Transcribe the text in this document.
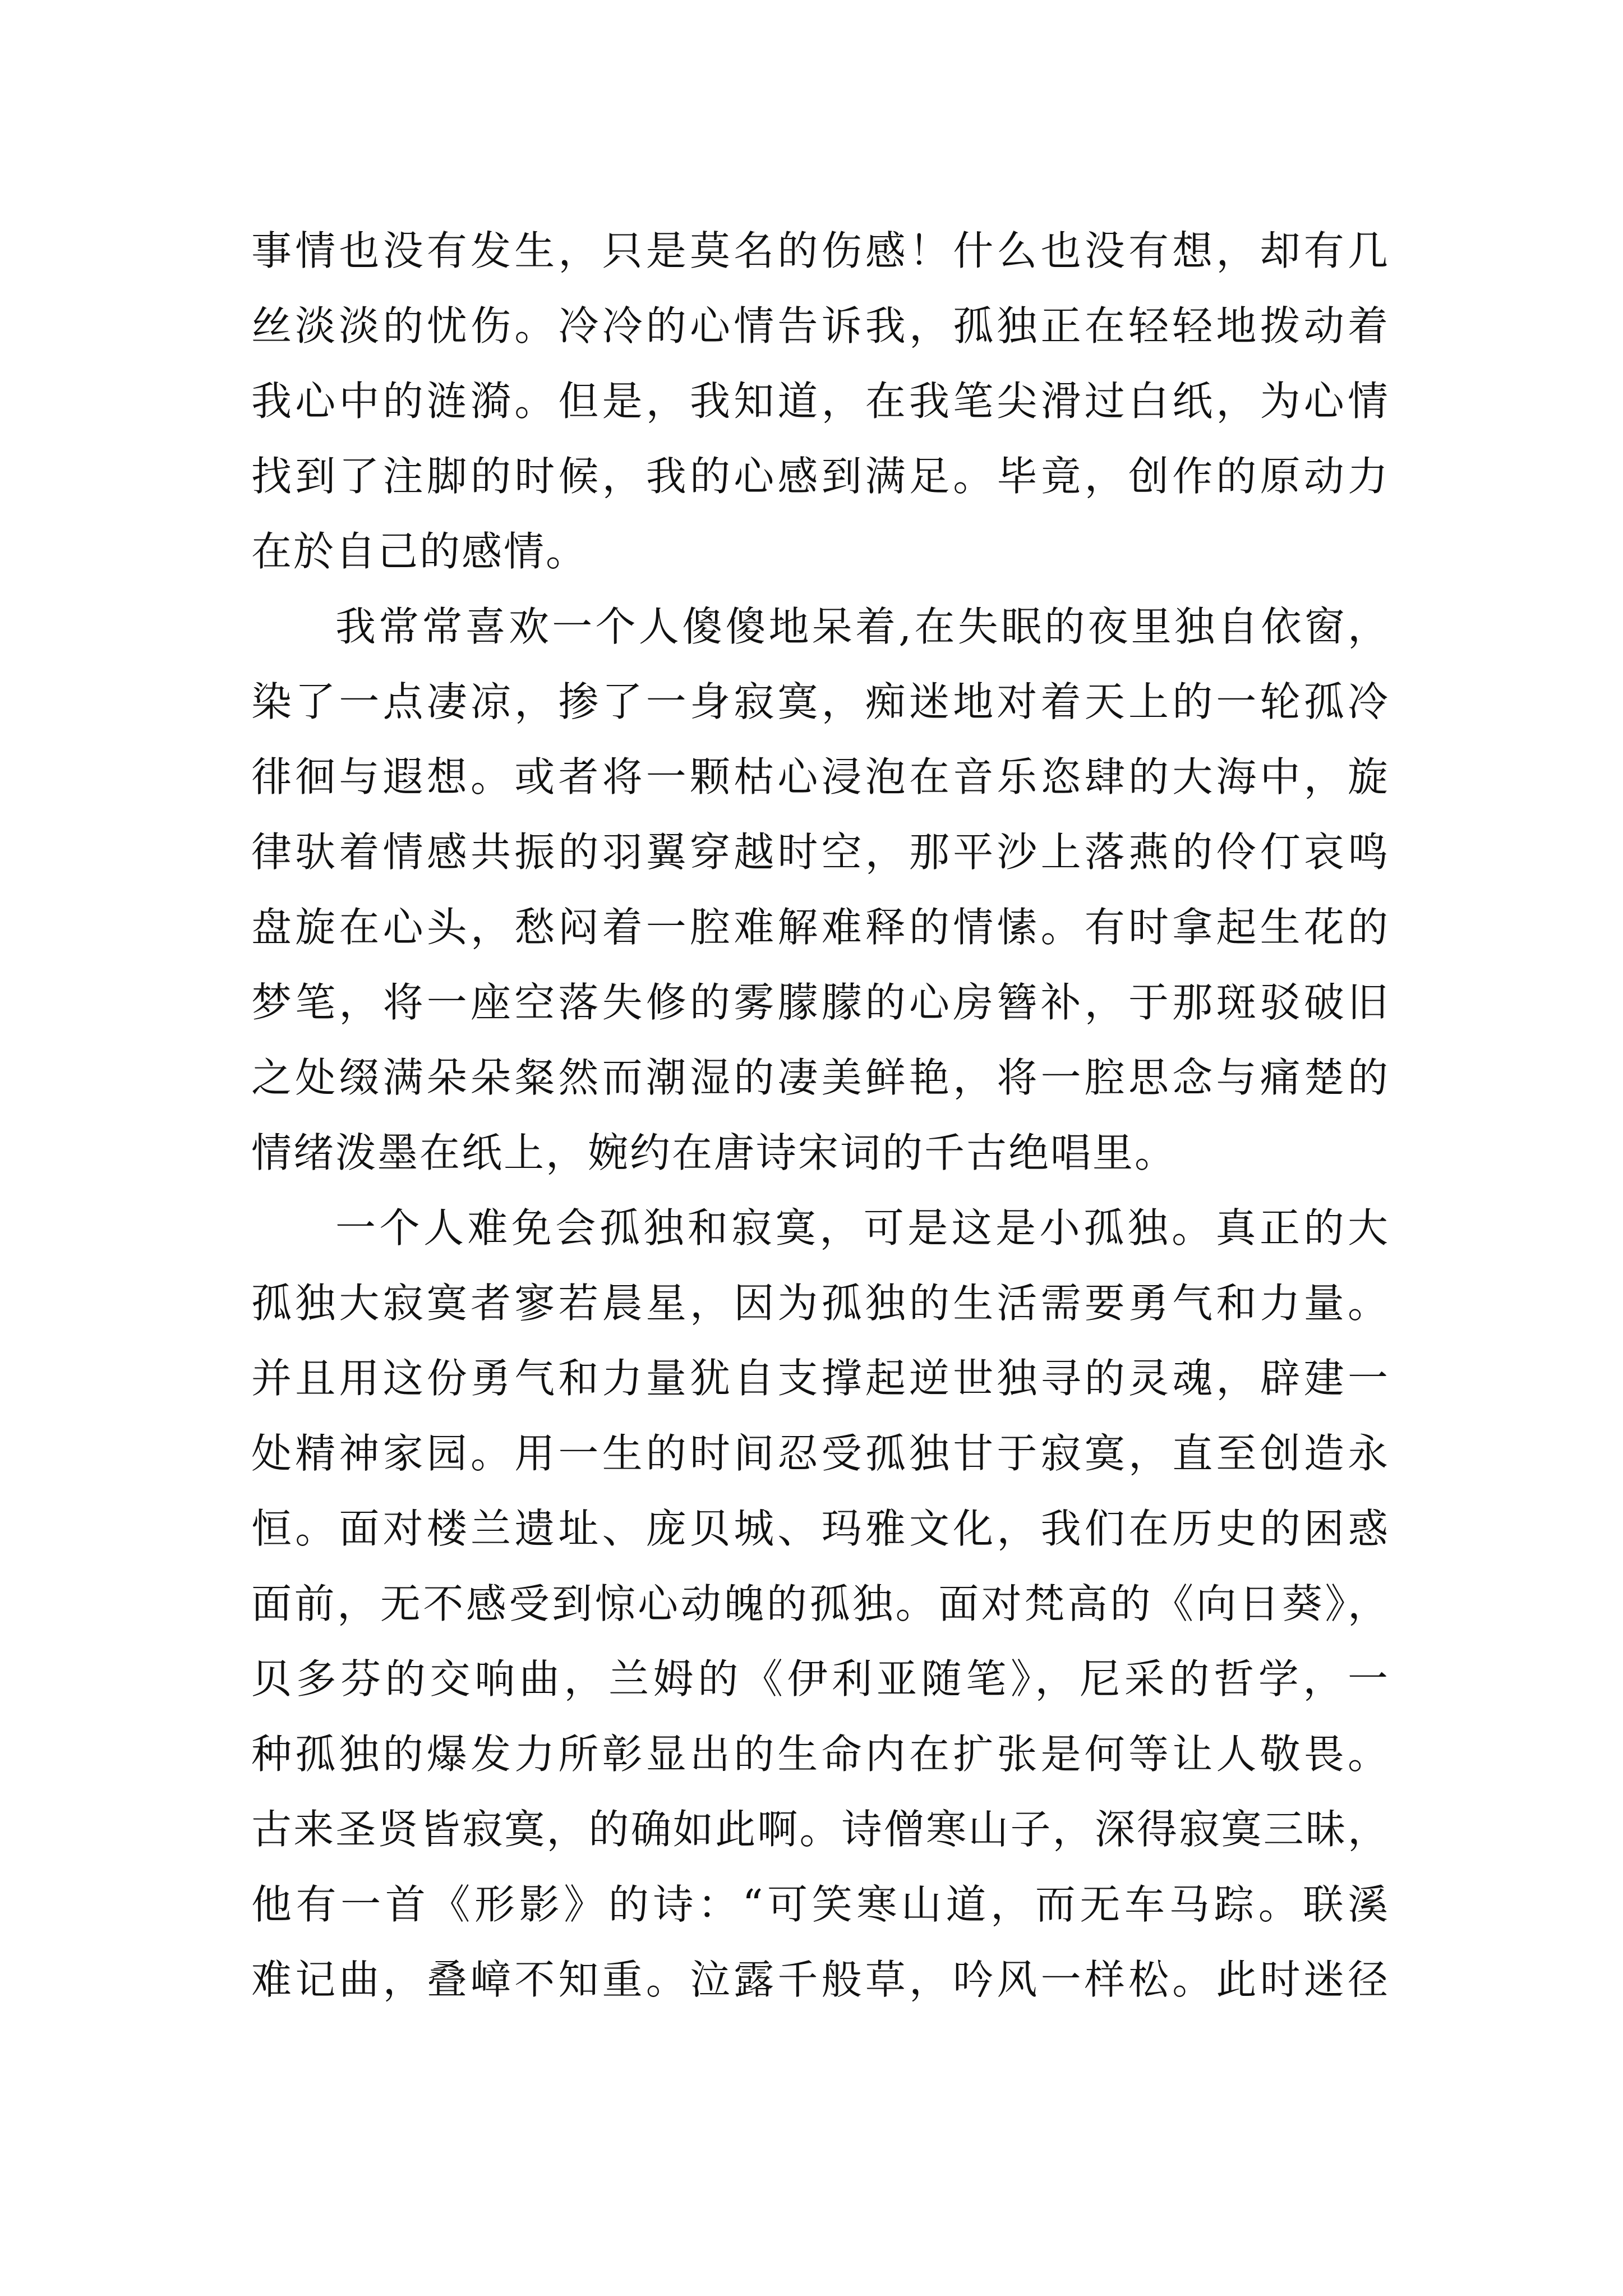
事情也没有发生，只是莫名的伤感！什么也没有想，却有几
丝淡淡的忧伤。冷冷的心情告诉我，孤独正在轻轻地拨动着
我心中的涟漪。但是，我知道，在我笔尖滑过白纸，为心情
找到了注脚的时候，我的心感到满足。毕竟，创作的原动力
在於自己的感情。
我常常喜欢一个人傻傻地呆着,在失眠的夜里独自依窗，
染了一点凄凉，掺了一身寂寞，痴迷地对着天上的一轮孤冷
徘徊与遐想。或者将一颗枯心浸泡在音乐恣肆的大海中，旋
律驮着情感共振的羽翼穿越时空，那平沙上落燕的伶仃哀鸣
盘旋在心头，愁闷着一腔难解难释的情愫。有时拿起生花的
梦笔，将一座空落失修的雾朦朦的心房簪补，于那斑驳破旧
之处缀满朵朵粲然而潮湿的凄美鲜艳，将一腔思念与痛楚的
情绪泼墨在纸上，婉约在唐诗宋词的千古绝唱里。
一个人难免会孤独和寂寞，可是这是小孤独。真正的大
孤独大寂寞者寥若晨星，因为孤独的生活需要勇气和力量。
并且用这份勇气和力量犹自支撑起逆世独寻的灵魂，辟建一
处精神家园。用一生的时间忍受孤独甘于寂寞，直至创造永
恒。面对楼兰遗址、庞贝城、玛雅文化，我们在历史的困惑
面前，无不感受到惊心动魄的孤独。面对梵高的《向日葵》，
贝多芬的交响曲，兰姆的《伊利亚随笔》，尼采的哲学，一
种孤独的爆发力所彰显出的生命内在扩张是何等让人敬畏。
古来圣贤皆寂寞，的确如此啊。诗僧寒山子，深得寂寞三昧，
他有一首《形影》的诗：“可笑寒山道，而无车马踪。联溪
难记曲，叠嶂不知重。泣露千般草，吟风一样松。此时迷径
